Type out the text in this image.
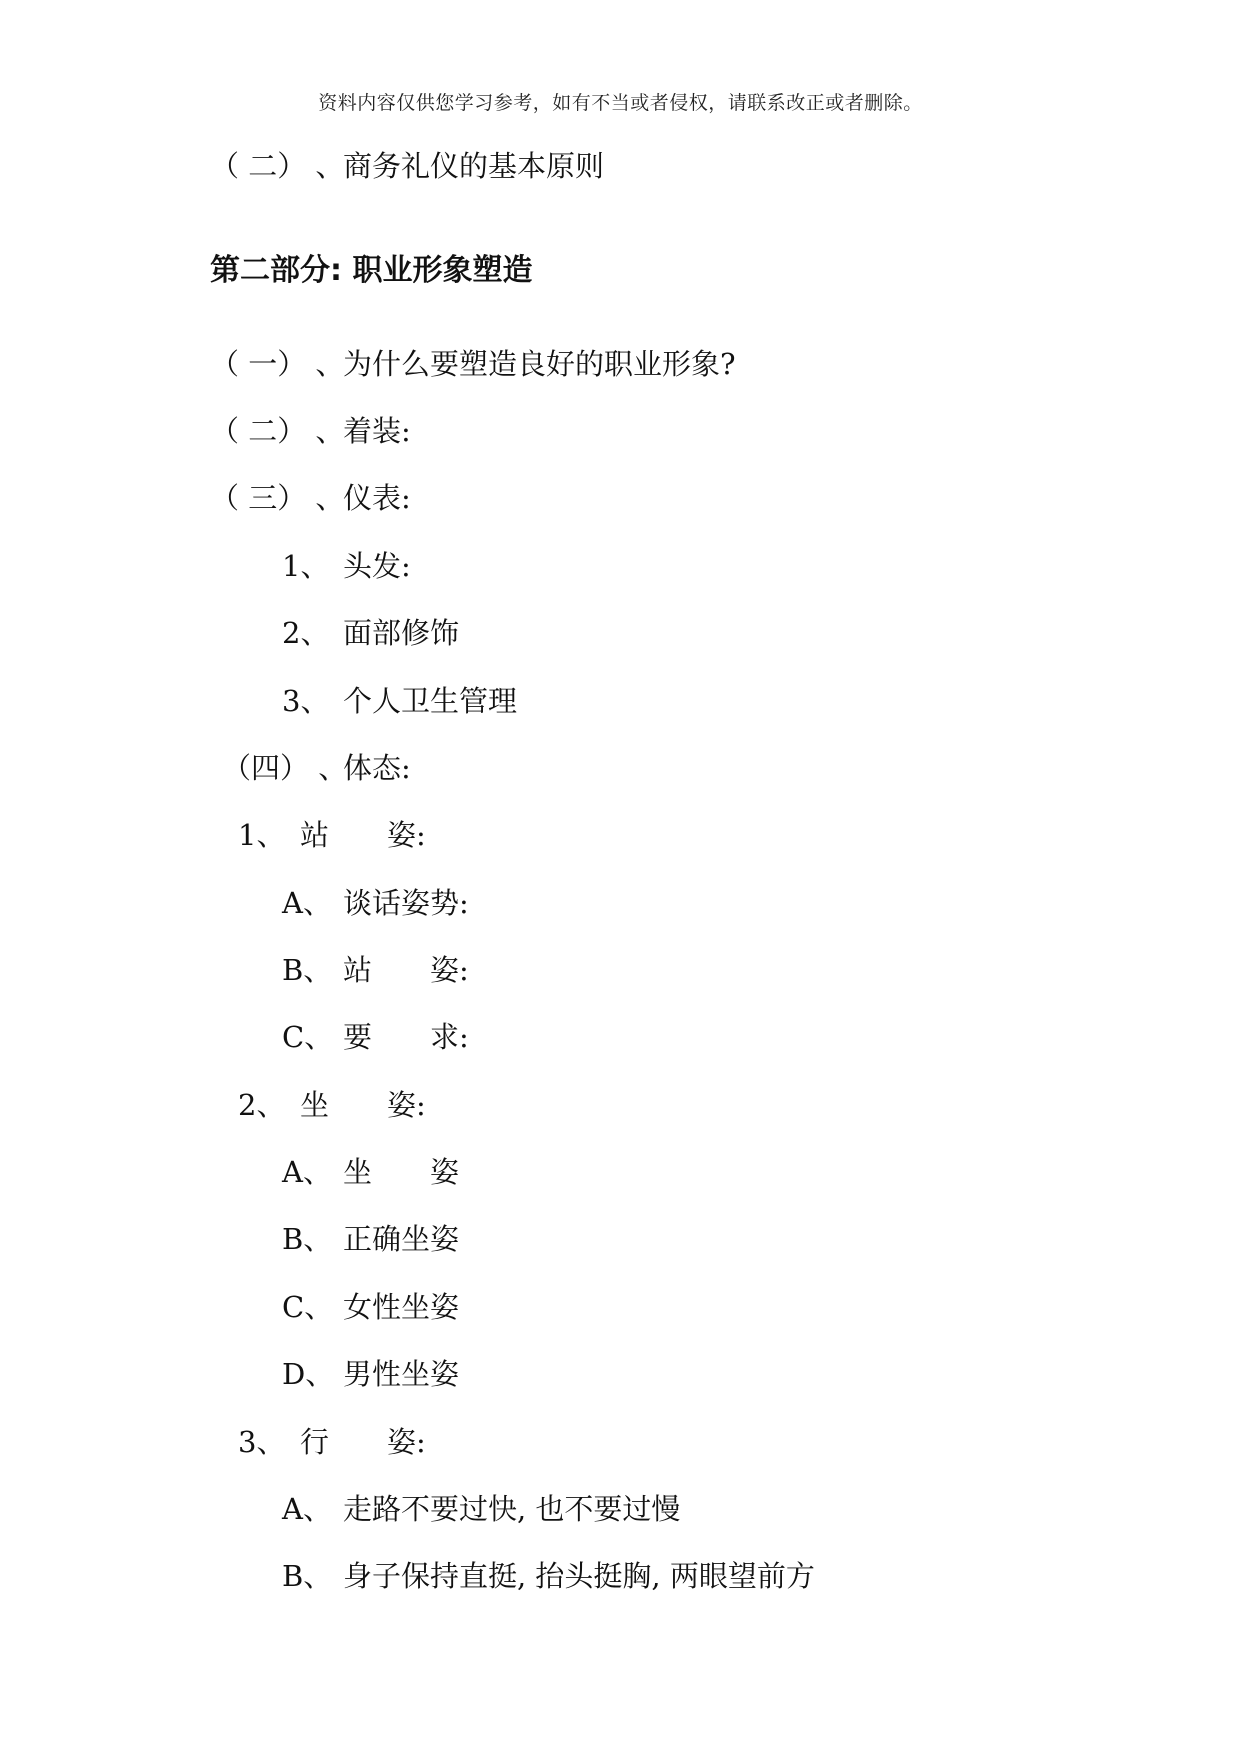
资料内容仅供您学习参考，如有不当或者侵权，请联系改正或者删除。
（ 二） 、
商务礼仪的基本原则
第二部分: 职业形象塑造
（ 一） 、
为什么要塑造良好的职业形象?
（ 二） 、
着装:
（ 三） 、
仪表:
1、 头发:
2、 面部修饰
3、 个人卫生管理
（四） 、
体态:
1、 站　　姿:
A、 谈话姿势:
B、 站　　姿:
C、 要　　求:
2、 坐　　姿:
A、 坐　　姿
B、 正确坐姿
C、 女性坐姿
D、 男性坐姿
3、 行　　姿:
A、 走路不要过快, 也不要过慢
B、 身子保持直挺, 抬头挺胸, 两眼望前方
